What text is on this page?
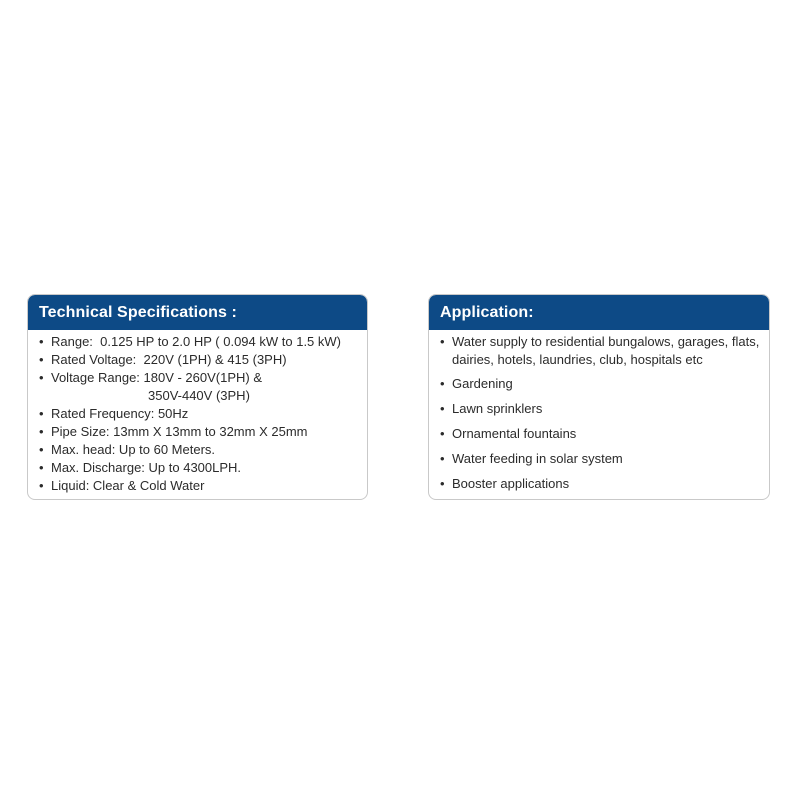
Technical Specifications :
• Range:  0.125 HP to 2.0 HP ( 0.094 kW to 1.5 kW)
• Rated Voltage:  220V (1PH) & 415 (3PH)
• Voltage Range: 180V - 260V(1PH) &
350V-440V (3PH)
• Rated Frequency: 50Hz
• Pipe Size: 13mm X 13mm to 32mm X 25mm
• Max. head: Up to 60 Meters.
• Max. Discharge: Up to 4300LPH.
• Liquid: Clear & Cold Water
Application:
• Water supply to residential bungalows, garages, flats, dairies, hotels, laundries, club, hospitals etc
• Gardening
• Lawn sprinklers
• Ornamental fountains
• Water feeding in solar system
• Booster applications
